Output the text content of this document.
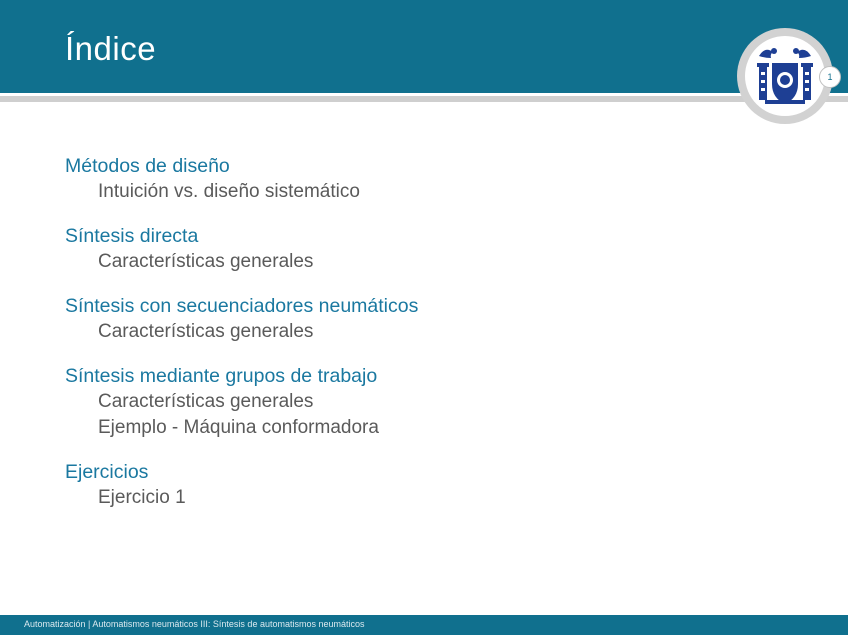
Índice
1
Métodos de diseño
Intuición vs. diseño sistemático
Síntesis directa
Características generales
Síntesis con secuenciadores neumáticos
Características generales
Síntesis mediante grupos de trabajo
Características generales
Ejemplo - Máquina conformadora
Ejercicios
Ejercicio 1
Automatización | Automatismos neumáticos III: Síntesis de automatismos neumáticos
